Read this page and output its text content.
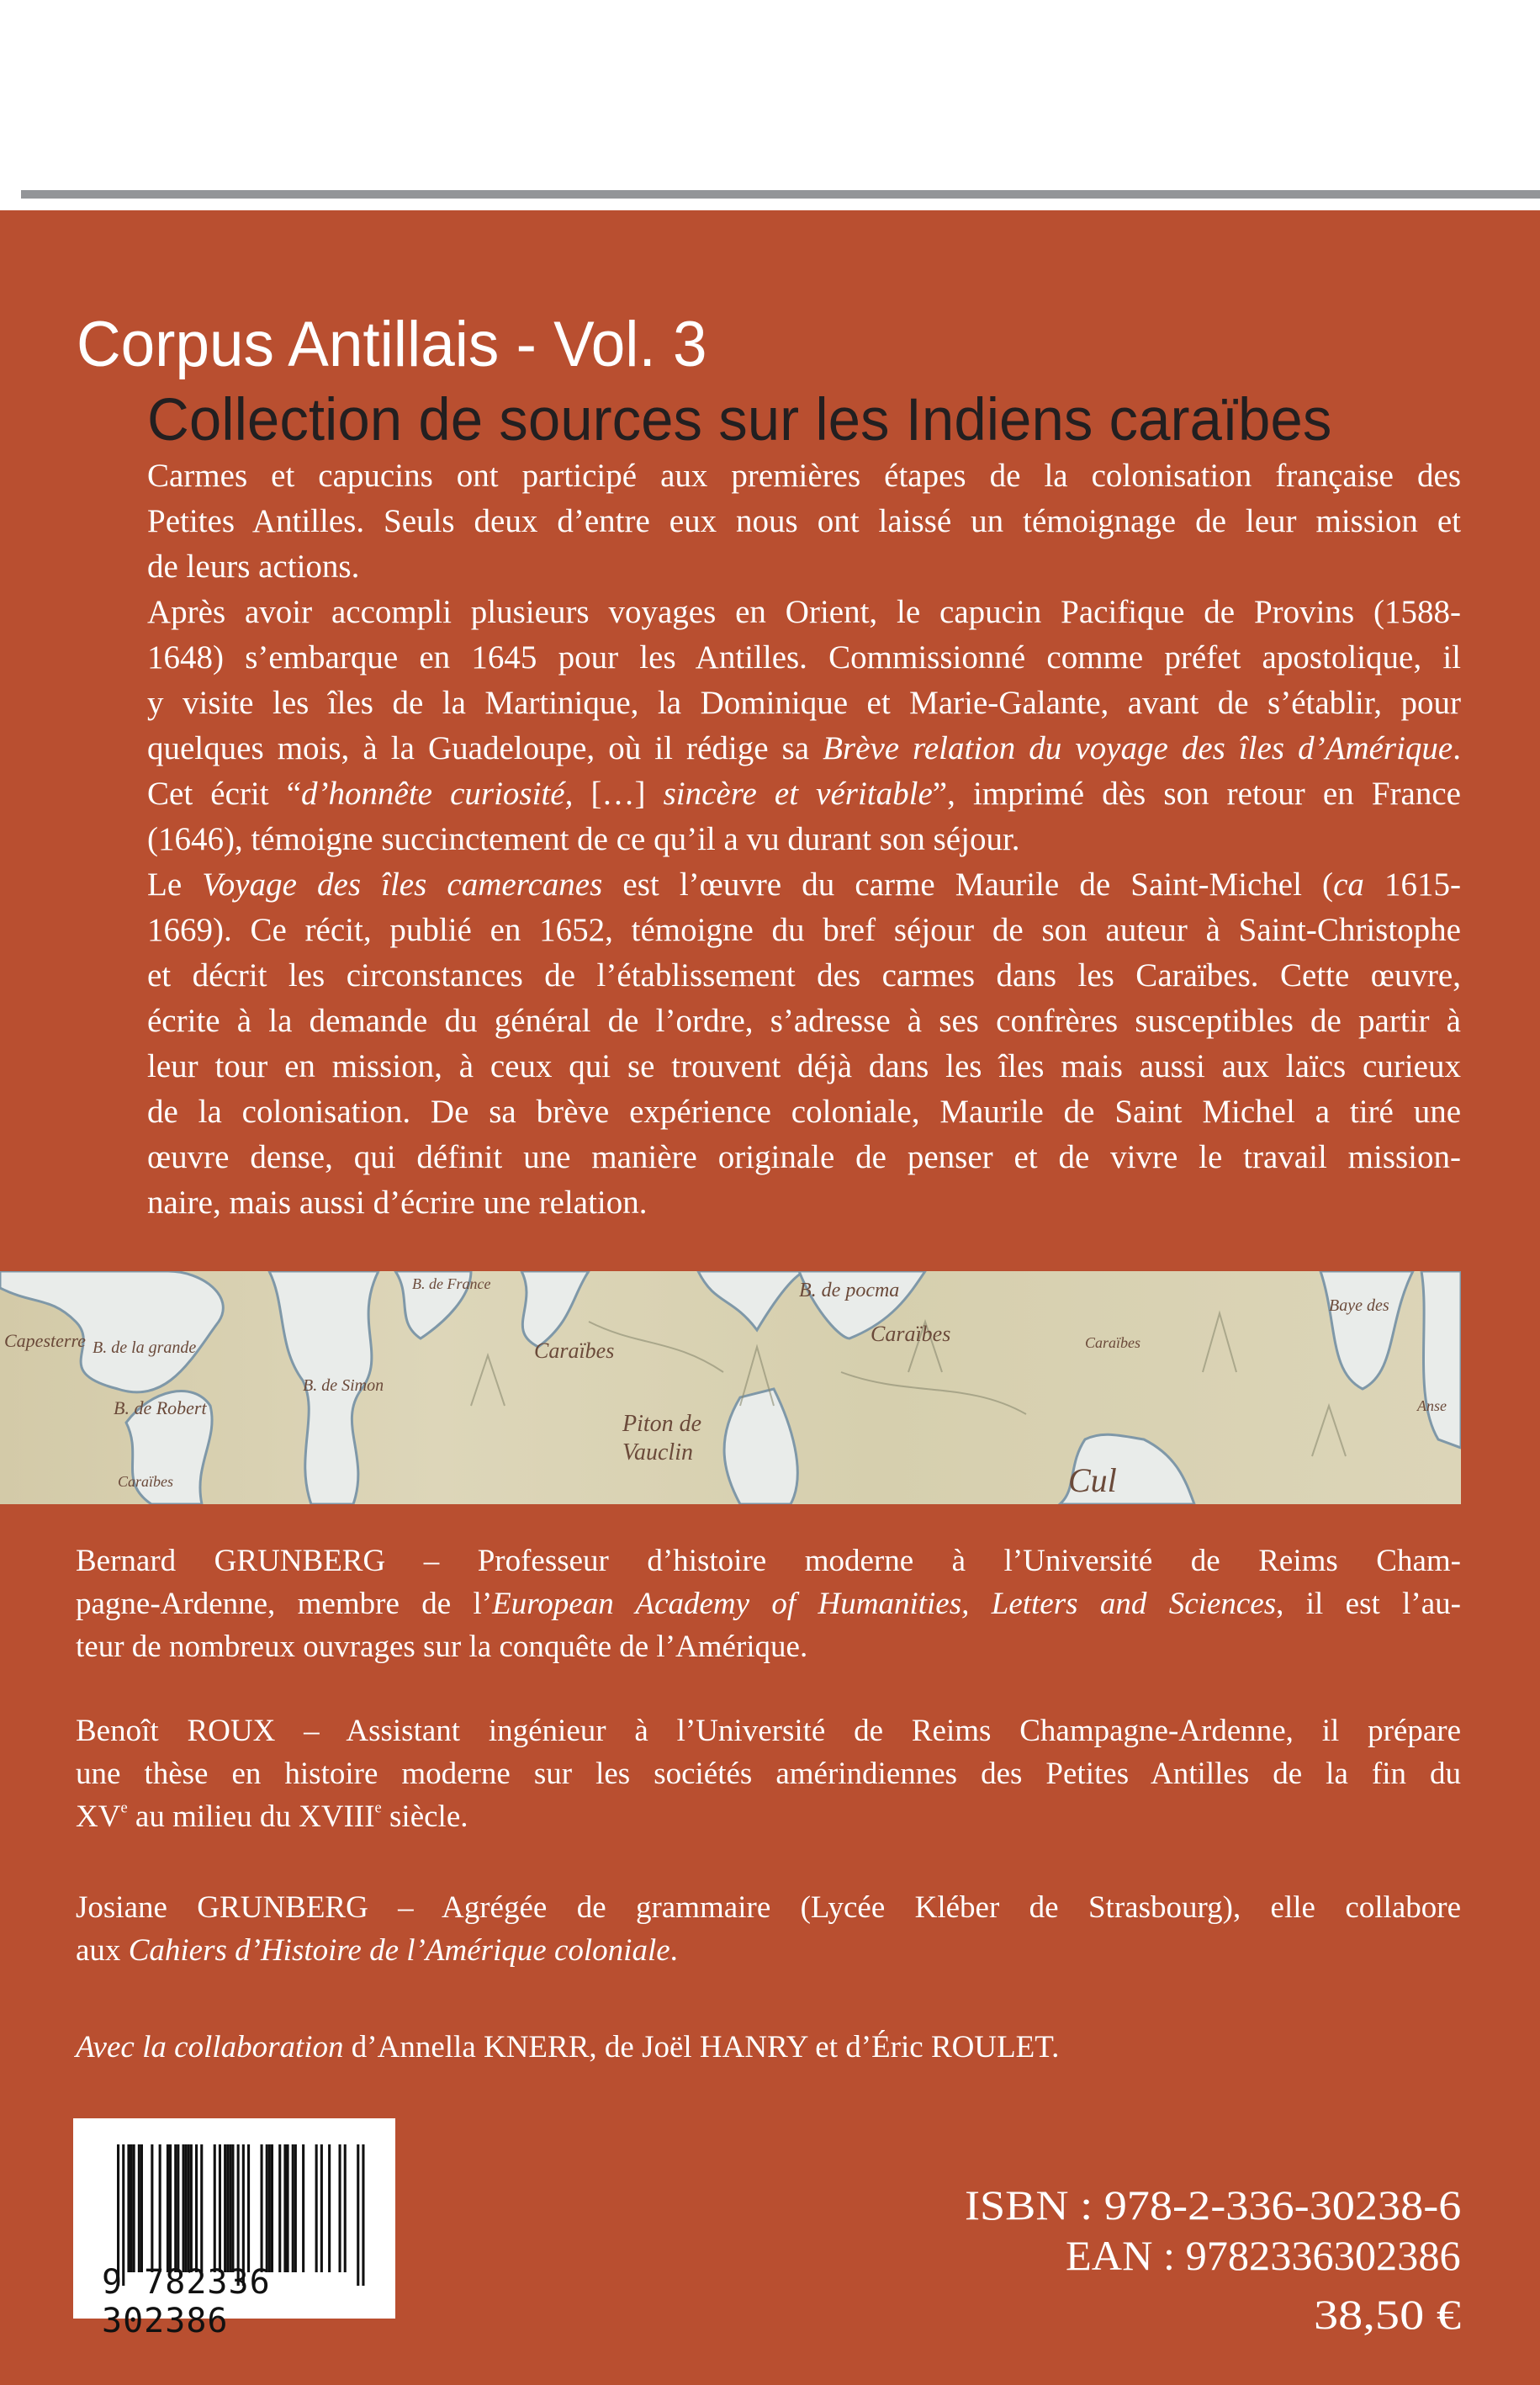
Corpus Antillais - Vol. 3
Collection de sources sur les Indiens caraïbes
Carmes et capucins ont participé aux premières étapes de la colonisation française des
Petites Antilles. Seuls deux d’entre eux nous ont laissé un témoignage de leur mission et
de leurs actions.
Après avoir accompli plusieurs voyages en Orient, le capucin Pacifique de Provins (1588-
1648) s’embarque en 1645 pour les Antilles. Commissionné comme préfet apostolique, il
y visite les îles de la Martinique, la Dominique et Marie-Galante, avant de s’établir, pour
quelques mois, à la Guadeloupe, où il rédige sa Brève relation du voyage des îles d’Amérique.
Cet écrit “d’honnête curiosité, […] sincère et véritable”, imprimé dès son retour en France
(1646), témoigne succinctement de ce qu’il a vu durant son séjour.
Le Voyage des îles camercanes est l’œuvre du carme Maurile de Saint-Michel (ca 1615-
1669). Ce récit, publié en 1652, témoigne du bref séjour de son auteur à Saint-Christophe
et décrit les circonstances de l’établissement des carmes dans les Caraïbes. Cette œuvre,
écrite à la demande du général de l’ordre, s’adresse à ses confrères susceptibles de partir à
leur tour en mission, à ceux qui se trouvent déjà dans les îles mais aussi aux laïcs curieux
de la colonisation. De sa brève expérience coloniale, Maurile de Saint Michel a tiré une
œuvre dense, qui définit une manière originale de penser et de vivre le travail mission-
naire, mais aussi d’écrire une relation.
Capesterre B. de la grande
B. de Robert
Caraïbes
B. de France
B. de Simon
Caraïbes
Piton de Vauclin
B. de pocma
Caraïbes
Cul
Baye des
Anse
Caraïbes
Bernard GRUNBERG – Professeur d’histoire moderne à l’Université de Reims Cham-
pagne-Ardenne, membre de l’European Academy of Humanities, Letters and Sciences, il est l’au-
teur de nombreux ouvrages sur la conquête de l’Amérique.
Benoît ROUX – Assistant ingénieur à l’Université de Reims Champagne-Ardenne, il prépare
une thèse en histoire moderne sur les sociétés amérindiennes des Petites Antilles de la fin du
XVe au milieu du XVIIIe siècle.
Josiane GRUNBERG – Agrégée de grammaire (Lycée Kléber de Strasbourg), elle collabore
aux Cahiers d’Histoire de l’Amérique coloniale.
Avec la collaboration d’Annella KNERR, de Joël HANRY et d’Éric ROULET.
9 782336 302386
ISBN : 978-2-336-30238-6
EAN : 9782336302386
38,50 €
